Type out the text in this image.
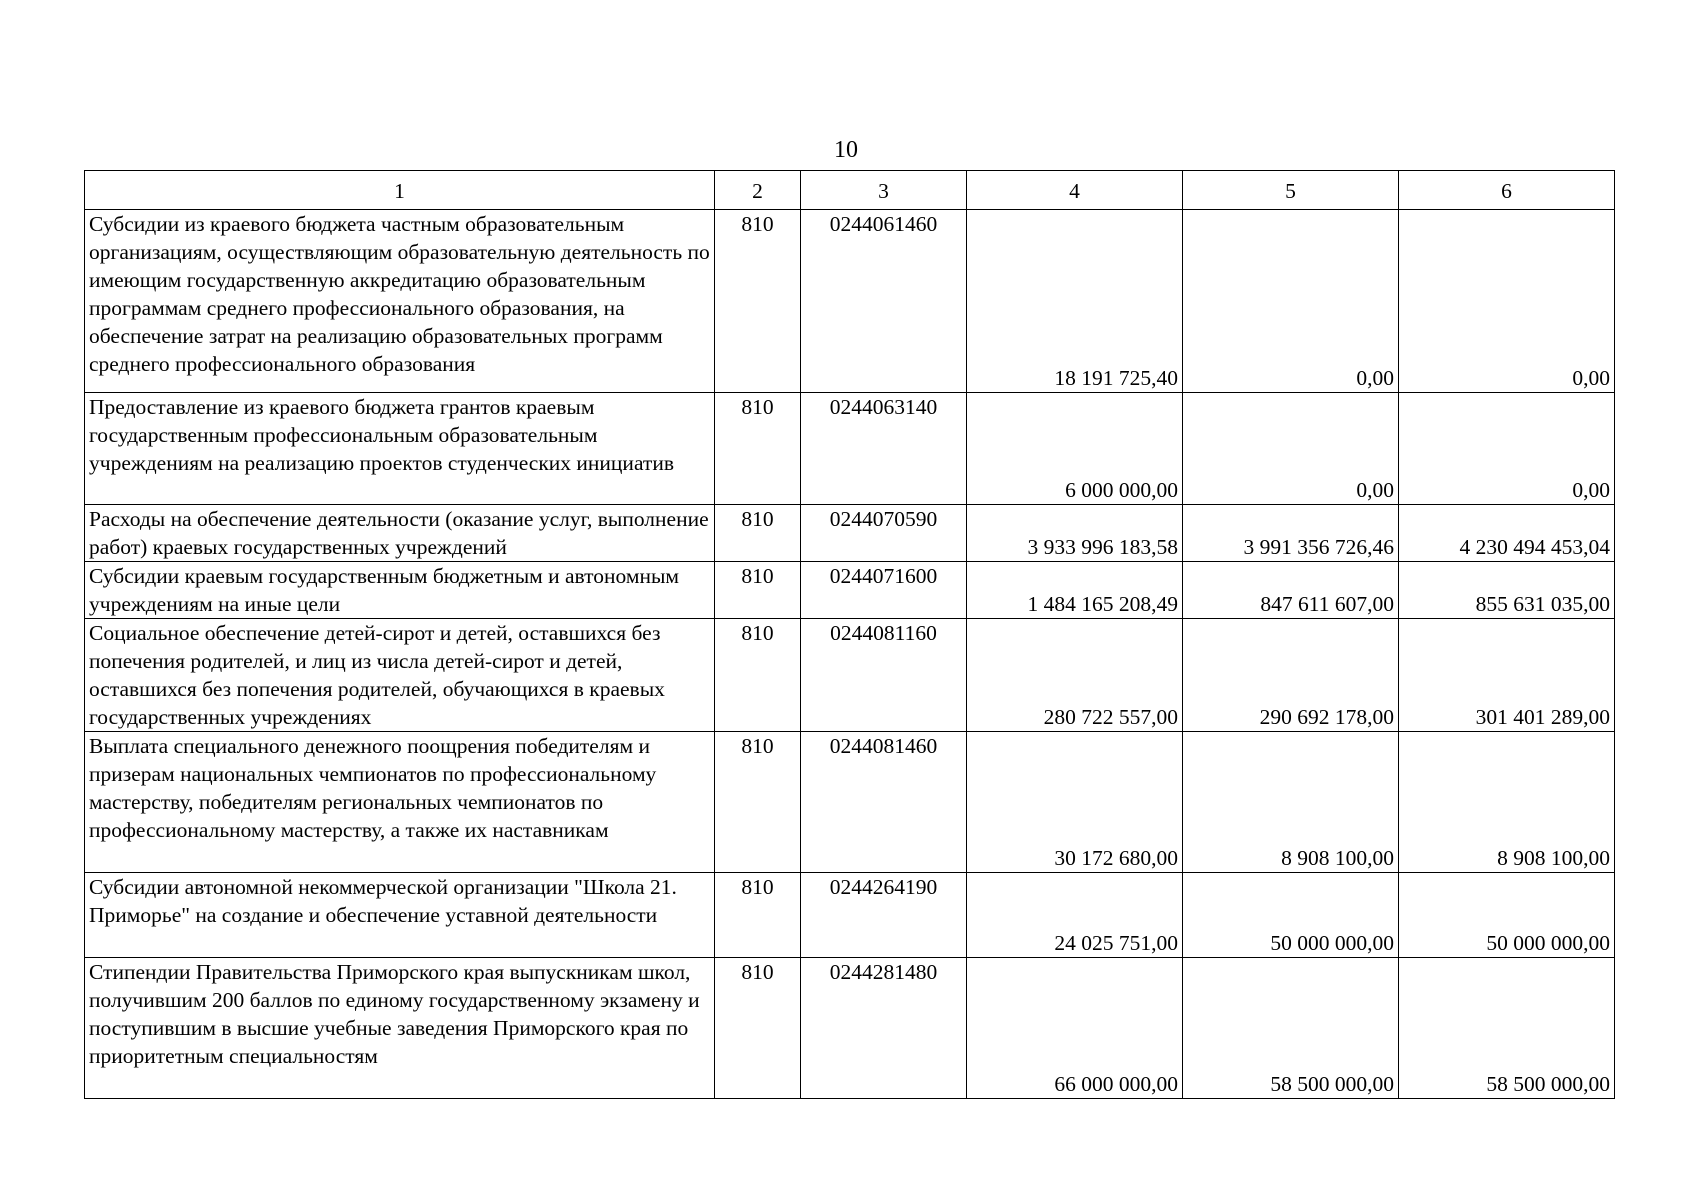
10
1	2	3	4	5	6
Субсидии из краевого бюджета частным образовательным организациям, осуществляющим образовательную деятельность по имеющим государственную аккредитацию образовательным программам среднего профессионального образования, на обеспечение затрат на реализацию образовательных программ среднего профессионального образования	810	0244061460	18 191 725,40	0,00	0,00
Предоставление из краевого бюджета грантов краевым государственным профессиональным образовательным учреждениям на реализацию проектов студенческих инициатив	810	0244063140	6 000 000,00	0,00	0,00
Расходы на обеспечение деятельности (оказание услуг, выполнение работ) краевых государственных учреждений	810	0244070590	3 933 996 183,58	3 991 356 726,46	4 230 494 453,04
Субсидии краевым государственным бюджетным и автономным учреждениям на иные цели	810	0244071600	1 484 165 208,49	847 611 607,00	855 631 035,00
Социальное обеспечение детей-сирот и детей, оставшихся без попечения родителей, и лиц из числа детей-сирот и детей, оставшихся без попечения родителей, обучающихся в краевых государственных учреждениях	810	0244081160	280 722 557,00	290 692 178,00	301 401 289,00
Выплата специального денежного поощрения победителям и призерам национальных чемпионатов по профессиональному мастерству, победителям региональных чемпионатов по профессиональному мастерству, а также их наставникам	810	0244081460	30 172 680,00	8 908 100,00	8 908 100,00
Субсидии автономной некоммерческой организации "Школа 21. Приморье" на создание и обеспечение уставной деятельности	810	0244264190	24 025 751,00	50 000 000,00	50 000 000,00
Стипендии Правительства Приморского края выпускникам школ, получившим 200 баллов по единому государственному экзамену и поступившим в высшие учебные заведения Приморского края по приоритетным специальностям	810	0244281480	66 000 000,00	58 500 000,00	58 500 000,00
